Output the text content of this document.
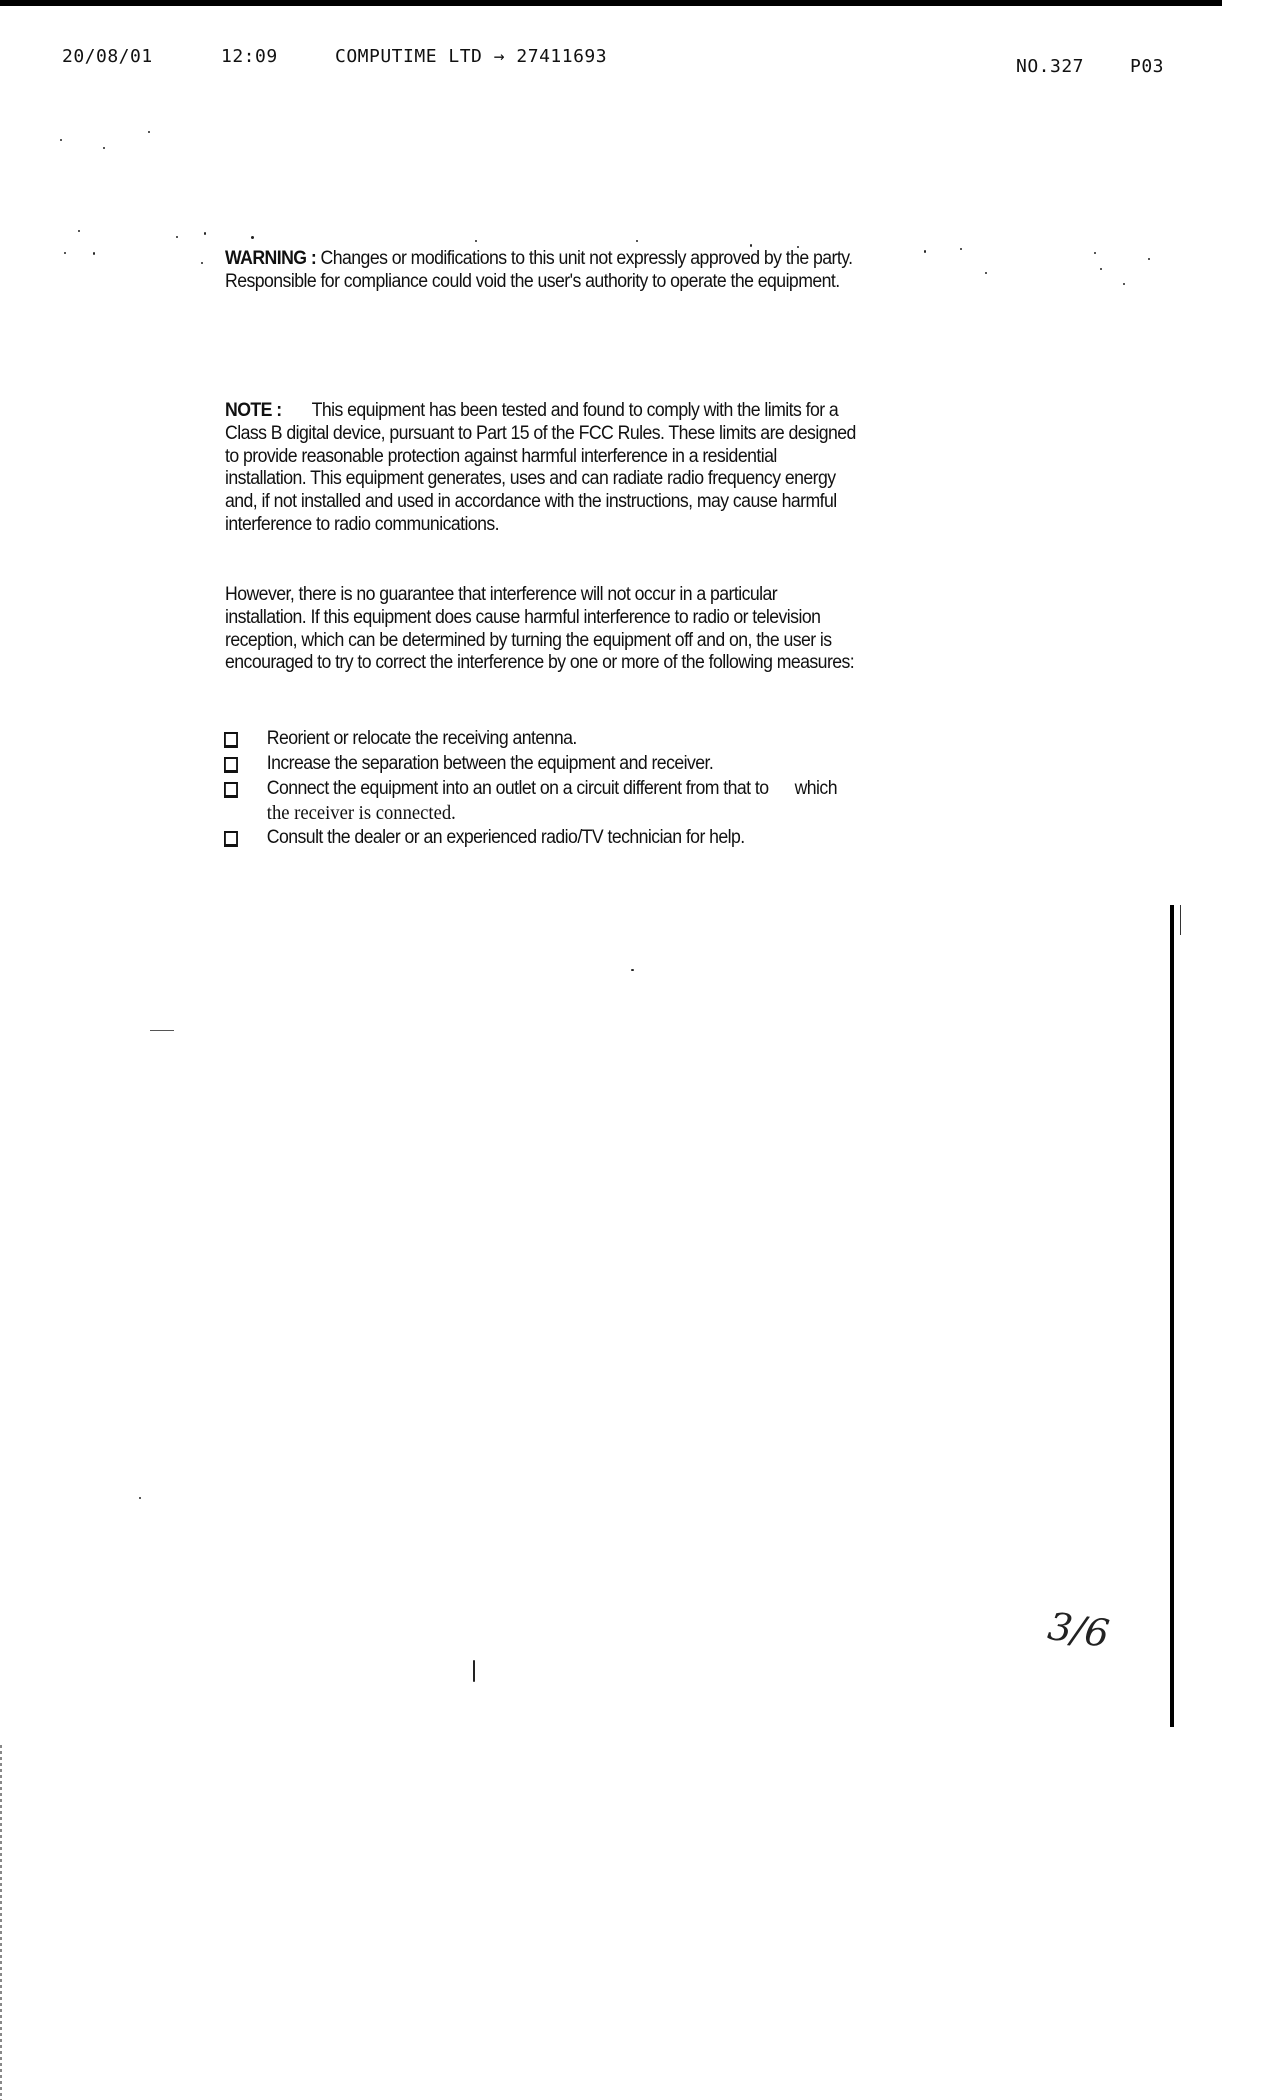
20/08/01	12:09	COMPUTIME LTD → 27411693	NO.327	P03
WARNING : Changes or modifications to this unit not expressly approved by the party. Responsible for compliance could void the user's authority to operate the equipment.
NOTE : This equipment has been tested and found to comply with the limits for a Class B digital device, pursuant to Part 15 of the FCC Rules. These limits are designed to provide reasonable protection against harmful interference in a residential installation. This equipment generates, uses and can radiate radio frequency energy and, if not installed and used in accordance with the instructions, may cause harmful interference to radio communications.
However, there is no guarantee that interference will not occur in a particular installation. If this equipment does cause harmful interference to radio or television reception, which can be determined by turning the equipment off and on, the user is encouraged to try to correct the interference by one or more of the following measures:
Reorient or relocate the receiving antenna.
Increase the separation between the equipment and receiver.
Connect the equipment into an outlet on a circuit different from that to      which
the receiver is connected.
Consult the dealer or an experienced radio/TV technician for help.
3/6
